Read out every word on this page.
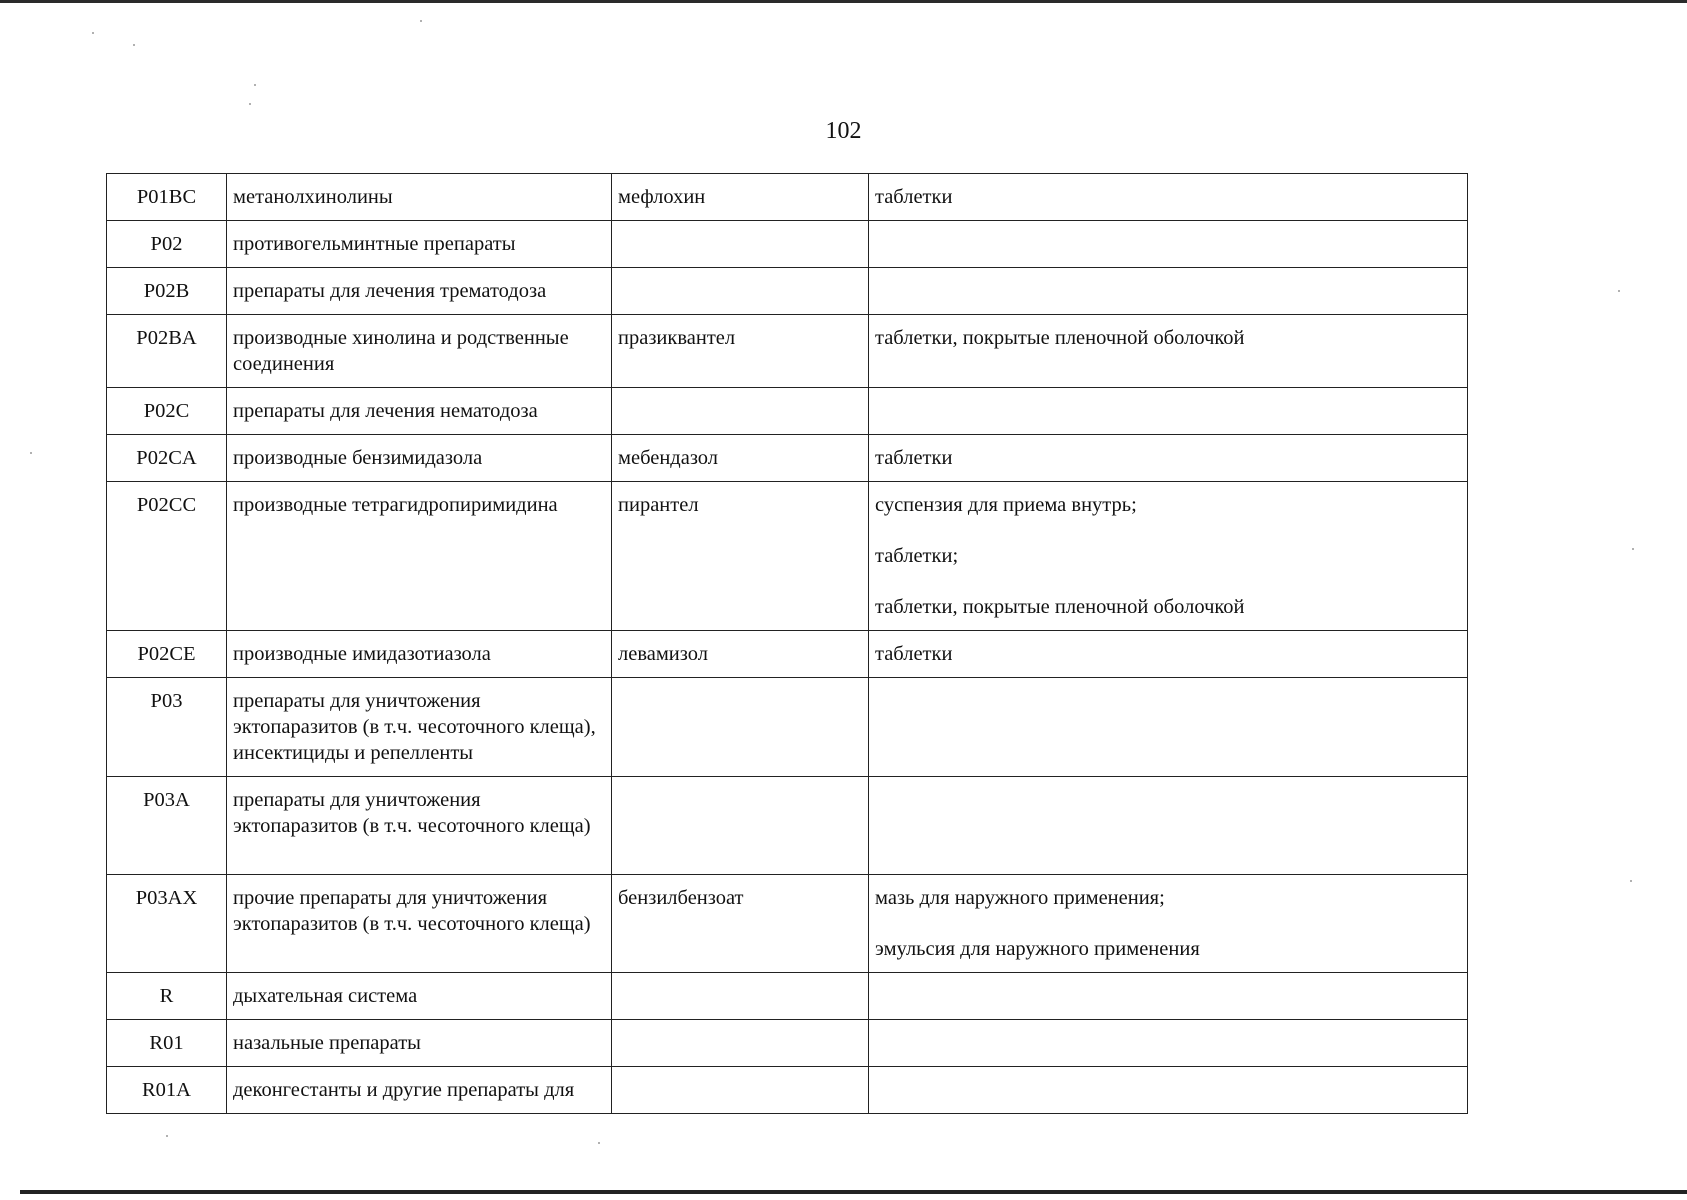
102
P01BC	метанолхинолины	мефлохин	таблетки

P02	противогельминтные препараты		
P02B	препараты для лечения трематодоза		
P02BA	производные хинолина и родственные соединения	празиквантел	таблетки, покрытые пленочной оболочкой

P02C	препараты для лечения нематодоза		
P02CA	производные бензимидазола	мебендазол	таблетки

P02CC	производные тетрагидропиримидина	пирантел	суспензия для приема внутрь;
таблетки;
таблетки, покрытые пленочной оболочкой

P02CE	производные имидазотиазола	левамизол	таблетки

P03	препараты для уничтожения эктопаразитов (в т.ч. чесоточного клеща), инсектициды и репелленты		
P03A	препараты для уничтожения эктопаразитов (в т.ч. чесоточного клеща)		
P03AX	прочие препараты для уничтожения эктопаразитов (в т.ч. чесоточного клеща)	бензилбензоат	мазь для наружного применения;
эмульсия для наружного применения

R	дыхательная система		
R01	назальные препараты		
R01A	деконгестанты и другие препараты для		
